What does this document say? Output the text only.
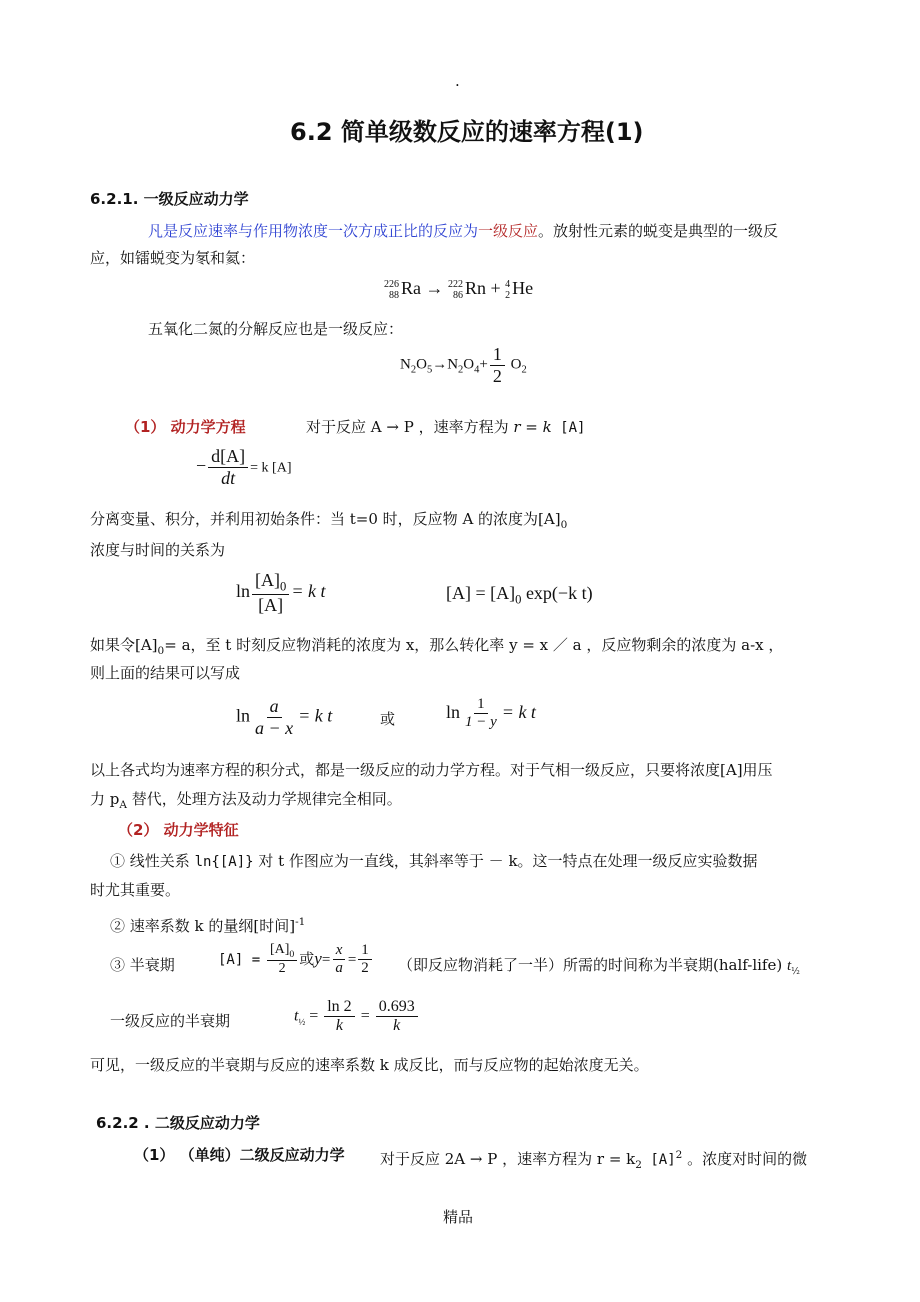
.
6.2 简单级数反应的速率方程(1)
6.2.1. 一级反应动力学
凡是反应速率与作用物浓度一次方成正比的反应为一级反应。放射性元素的蜕变是典型的一级反
应，如镭蜕变为氡和氦：
226
88 Ra → 222
86 Rn + 4
2 He
五氧化二氮的分解反应也是一级反应：
$N_2O_5\to N_2O_4+ \frac{1}{2} O_2$
（1） 动力学方程	对于反应 A → P ，速率方程为 r = k [A]
− $\frac{d[A]}{dt} = k$ [A]
分离变量、积分，并利用初始条件：当 t=0 时，反应物 A 的浓度为$[A]_0$
浓度与时间的关系为
$\ln \frac{[A]_0}{[A]} = k$ t	$[A] = [A]_0$ exp(−k t)
如果令$[A]_0= a$，至 t 时刻反应物消耗的浓度为 x，那么转化率 y = x ／ a ，反应物剩余的浓度为 a-x ，
则上面的结果可以写成
$\ln \frac{a}{a - x} = k$ t	或	$\ln \frac{1}{1 - y} = k$ t
以上各式均为速率方程的积分式，都是一级反应的动力学方程。对于气相一级反应，只要将浓度[A]用压
力 $p_A$ 替代，处理方法及动力学规律完全相同。
（2） 动力学特征
① 线性关系 ln{[A]} 对 t 作图应为一直线，其斜率等于 － k。这一特点在处理一级反应实验数据
时尤其重要。
② 速率系数 k 的量纲[时间]$^{-1}$
③ 半衰期	$[A] = \frac{[A]_0}{2}$ 或$y= \frac{x}{a} = \frac{1}{2}$ （即反应物消耗了一半）所需的时间称为半衰期(half-life) $t_{\frac{1}{2}}$
一级反应的半衰期	$t_{\frac{1}{2}} = \frac{\ln 2}{k} = \frac{0.693}{k}$
可见，一级反应的半衰期与反应的速率系数 k 成反比，而与反应物的起始浓度无关。
6.2.2 . 二级反应动力学
（1） （单纯）二级反应动力学 对于反应 2A → P ，速率方程为 $r = k_2$ $[A]^2$ 。浓度对时间的微
精品
